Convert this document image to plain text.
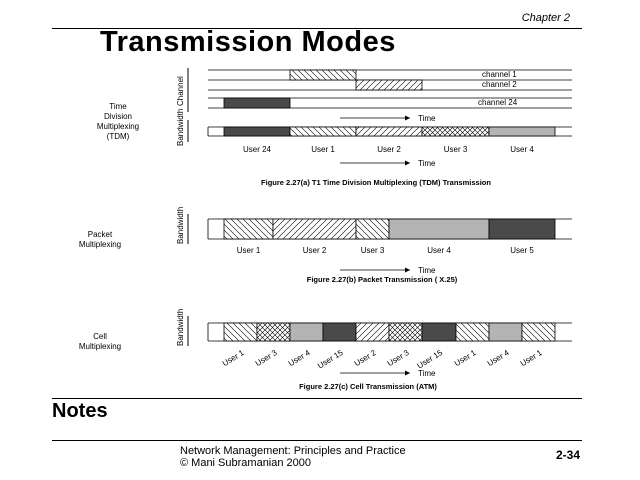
Chapter 2
Transmission Modes
Time
Division
Multiplexing
(TDM)
Channel
channel 1
channel 2
channel 24
Time
Bandwidth
User 24	User 1	User 2	User 3	User 4
Time
Figure 2.27(a) T1 Time Division Multiplexing (TDM) Transmission
Packet
Multiplexing
Bandwidth
User 1	User 2	User 3	User 4	User 5
Time
Figure 2.27(b) Packet Transmission ( X.25)
Cell
Multiplexing
Bandwidth
User 1 User 3 User 4 User 15 User 2 User 3 User 15 User 1 User 4 User 1
Time
Figure 2.27(c) Cell Transmission (ATM)
Notes
Network Management: Principles and Practice
© Mani Subramanian 2000
2-34
